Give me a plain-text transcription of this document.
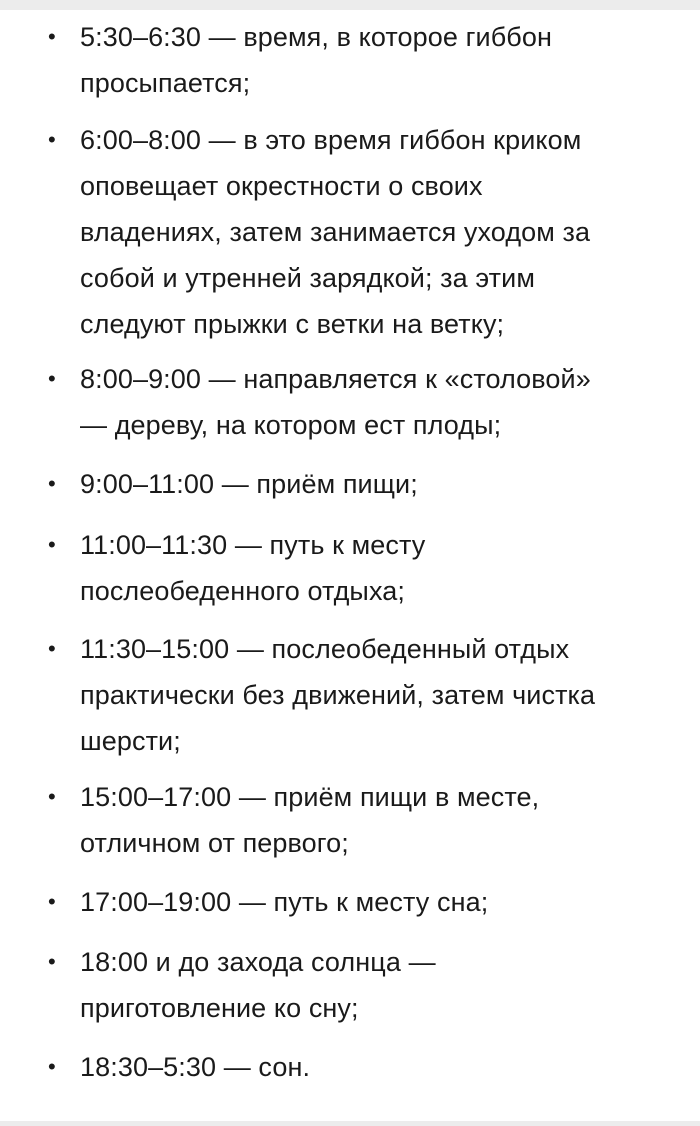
• 5:30–6:30 — время, в которое гиббон
просыпается;
• 6:00–8:00 — в это время гиббон криком
оповещает окрестности о своих
владениях, затем занимается уходом за
собой и утренней зарядкой; за этим
следуют прыжки с ветки на ветку;
• 8:00–9:00 — направляется к «столовой»
— дереву, на котором ест плоды;
• 9:00–11:00 — приём пищи;
• 11:00–11:30 — путь к месту
послеобеденного отдыха;
• 11:30–15:00 — послеобеденный отдых
практически без движений, затем чистка
шерсти;
• 15:00–17:00 — приём пищи в месте,
отличном от первого;
• 17:00–19:00 — путь к месту сна;
• 18:00 и до захода солнца —
приготовление ко сну;
• 18:30–5:30 — сон.
